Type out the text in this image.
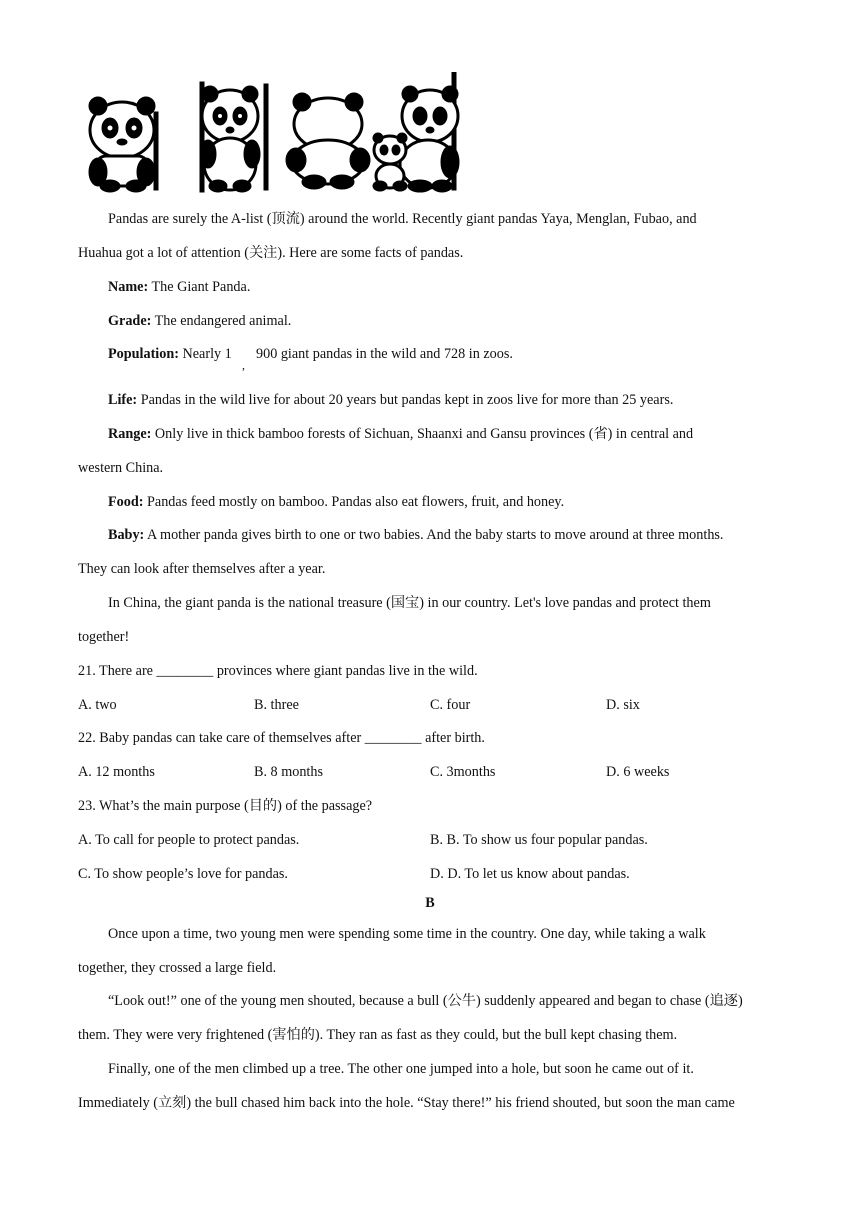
Pandas are surely the A-list (顶流) around the world. Recently giant pandas Yaya, Menglan, Fubao, and
Huahua got a lot of attention (关注). Here are some facts of pandas.
Name: The Giant Panda.
Grade: The endangered animal.
Population: Nearly 1
,
900 giant pandas in the wild and 728 in zoos.
Life: Pandas in the wild live for about 20 years but pandas kept in zoos live for more than 25 years.
Range: Only live in thick bamboo forests of Sichuan, Shaanxi and Gansu provinces (省) in central and
western China.
Food: Pandas feed mostly on bamboo. Pandas also eat flowers, fruit, and honey.
Baby: A mother panda gives birth to one or two babies. And the baby starts to move around at three months.
They can look after themselves after a year.
In China, the giant panda is the national treasure (国宝) in our country. Let's love pandas and protect them
together!
21. There are ________ provinces where giant pandas live in the wild.
A. two	B. three	C. four	D. six
22. Baby pandas can take care of themselves after ________ after birth.
A. 12 months	B. 8 months	C. 3months	D. 6 weeks
23. What’s the main purpose (目的) of the passage?
A. To call for people to protect pandas.	B. B. To show us four popular pandas.
C. To show people’s love for pandas.	D. D. To let us know about pandas.
B
Once upon a time, two young men were spending some time in the country. One day, while taking a walk
together, they crossed a large field.
“Look out!” one of the young men shouted, because a bull (公牛) suddenly appeared and began to chase (追逐)
them. They were very frightened (害怕的). They ran as fast as they could, but the bull kept chasing them.
Finally, one of the men climbed up a tree. The other one jumped into a hole, but soon he came out of it.
Immediately (立刻) the bull chased him back into the hole. “Stay there!” his friend shouted, but soon the man came
